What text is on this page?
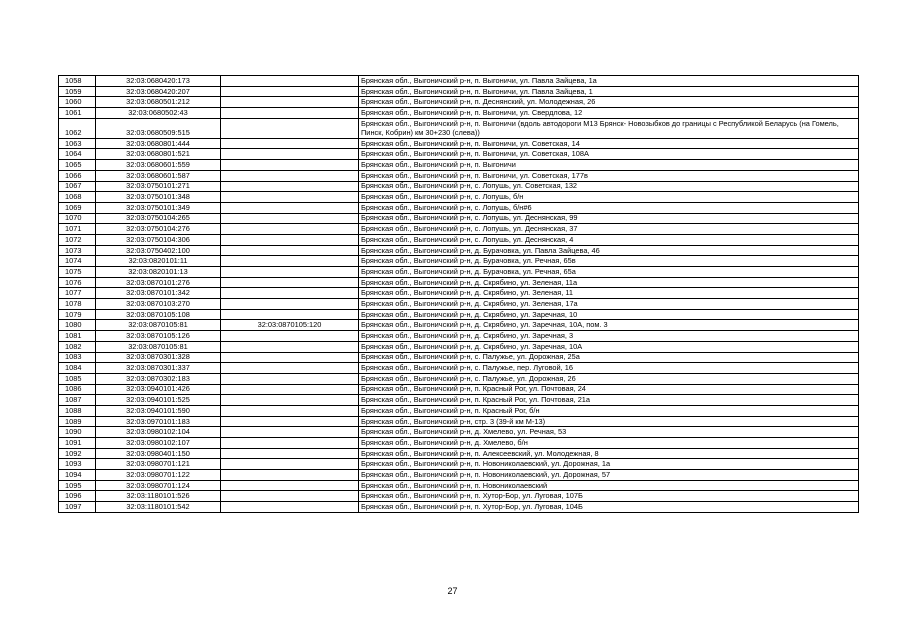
1058	32:03:0680420:173		Брянская обл., Выгоничский р-н, п. Выгоничи, ул. Павла Зайцева, 1а
1059	32:03:0680420:207		Брянская обл., Выгоничский р-н, п. Выгоничи, ул. Павла Зайцева, 1
1060	32:03:0680501:212		Брянская обл., Выгоничский р-н, п. Деснянский, ул. Молодежная, 26
1061	32:03:0680502:43		Брянская обл., Выгоничский р-н, п. Выгоничи, ул. Свердлова, 12
1062	32:03:0680509:515		Брянская обл., Выгоничский р-н, п. Выгоничи (вдоль автодороги М13 Брянск- Новозыбков до границы с Республикой Беларусь (на Гомель, Пинск, Кобрин) км 30+230 (слева))
1063	32:03:0680801:444		Брянская обл., Выгоничский р-н, п. Выгоничи, ул. Советская, 14
1064	32:03:0680801:521		Брянская обл., Выгоничский р-н, п. Выгоничи, ул. Советская, 108А
1065	32:03:0680601:559		Брянская обл., Выгоничский р-н, п. Выгоничи
1066	32:03:0680601:587		Брянская обл., Выгоничский р-н, п. Выгоничи, ул. Советская, 177в
1067	32:03:0750101:271		Брянская обл., Выгоничский р-н, с. Лопушь, ул. Советская, 132
1068	32:03:0750101:348		Брянская обл., Выгоничский р-н, с. Лопушь, б/н
1069	32:03:0750101:349		Брянская обл., Выгоничский р-н, с. Лопушь, б/н#6
1070	32:03:0750104:265		Брянская обл., Выгоничский р-н, с. Лопушь, ул. Деснянская, 99
1071	32:03:0750104:276		Брянская обл., Выгоничский р-н, с. Лопушь, ул. Деснянская, 37
1072	32:03:0750104:306		Брянская обл., Выгоничский р-н, с. Лопушь, ул. Деснянская, 4
1073	32:03:0750402:100		Брянская обл., Выгоничский р-н, д. Бурачовка, ул. Павла Зайцева, 46
1074	32:03:0820101:11		Брянская обл., Выгоничский р-н, д. Бурачовка, ул. Речная, 65в
1075	32:03:0820101:13		Брянская обл., Выгоничский р-н, д. Бурачовка, ул. Речная, 65а
1076	32:03:0870101:276		Брянская обл., Выгоничский р-н, д. Скрябино, ул. Зеленая, 11а
1077	32:03:0870101:342		Брянская обл., Выгоничский р-н, д. Скрябино, ул. Зеленая, 11
1078	32:03:0870103:270		Брянская обл., Выгоничский р-н, д. Скрябино, ул. Зеленая, 17а
1079	32:03:0870105:108		Брянская обл., Выгоничский р-н, д. Скрябино, ул. Заречная, 10
1080	32:03:0870105:81	32:03:0870105:120	Брянская обл., Выгоничский р-н, д. Скрябино, ул. Заречная, 10А, пом. 3
1081	32:03:0870105:126		Брянская обл., Выгоничский р-н, д. Скрябино, ул. Заречная, 3
1082	32:03:0870105:81		Брянская обл., Выгоничский р-н, д. Скрябино, ул. Заречная, 10А
1083	32:03:0870301:328		Брянская обл., Выгоничский р-н, с. Палужье, ул. Дорожная, 25а
1084	32:03:0870301:337		Брянская обл., Выгоничский р-н, с. Палужье, пер. Луговой, 16
1085	32:03:0870302:183		Брянская обл., Выгоничский р-н, с. Палужье, ул. Дорожная, 26
1086	32:03:0940101:426		Брянская обл., Выгоничский р-н, п. Красный Рог, ул. Почтовая, 24
1087	32:03:0940101:525		Брянская обл., Выгоничский р-н, п. Красный Рог, ул. Почтовая, 21а
1088	32:03:0940101:590		Брянская обл., Выгоничский р-н, п. Красный Рог, б/н
1089	32:03:0970101:183		Брянская обл., Выгоничский р-н, стр. 3 (39-й км М-13)
1090	32:03:0980102:104		Брянская обл., Выгоничский р-н, д. Хмелево, ул. Речная, 53
1091	32:03:0980102:107		Брянская обл., Выгоничский р-н, д. Хмелево, б/н
1092	32:03:0980401:150		Брянская обл., Выгоничский р-н, п. Алексеевский, ул. Молодежная, 8
1093	32:03:0980701:121		Брянская обл., Выгоничский р-н, п. Новоникол​аевский, ул. Дорожная, 1а
1094	32:03:0980701:122		Брянская обл., Выгоничский р-н, п. Новониколаевский, ул. Дорожная, 57
1095	32:03:0980701:124		Брянская обл., Выгоничский р-н, п. Новониколаевский
1096	32:03:1180101:526		Брянская обл., Выгоничский р-н, п. Хутор-Бор, ул. Луговая, 107Б
1097	32:03:1180101:542		Брянская обл., Выгоничский р-н, п. Хутор-Бор, ул. Луговая, 104Б
27
